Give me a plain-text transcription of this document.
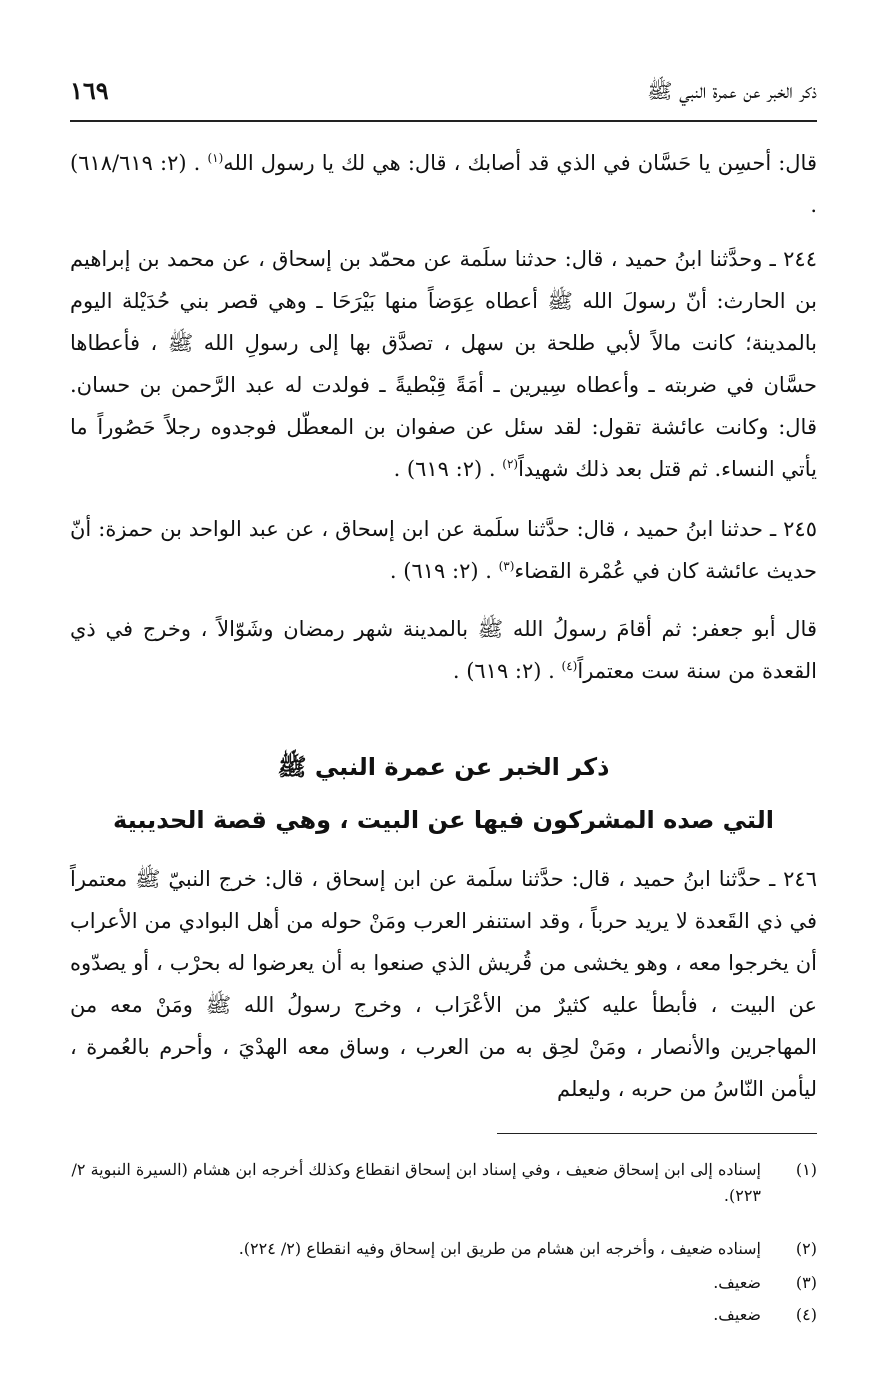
ذكر الخبر عن عمرة النبي ﷺ
١٦٩

قال: أحسِن يا حَسَّان في الذي قد أصابك ، قال: هي لك يا رسول الله$^{(١)}$ . (٢: ٦١٨/٦١٩) .

٢٤٤ ـ وحدَّثنا ابنُ حميد ، قال: حدثنا سلَمة عن محمّد بن إسحاق ، عن محمد بن إبراهيم بن الحارث: أنّ رسولَ الله ﷺ أعطاه عِوَضاً منها بَيْرَحَا ـ وهي قصر بني حُدَيْلة اليوم بالمدينة؛ كانت مالاً لأبي طلحة بن سهل ، تصدَّق بها إلى رسولِ الله ﷺ ، فأعطاها حسَّان في ضربته ـ وأعطاه سِيرين ـ أمَةً قِبْطيةً ـ فولدت له عبد الرَّحمن بن حسان. قال: وكانت عائشة تقول: لقد سئل عن صفوان بن المعطّل فوجدوه رجلاً حَصُوراً ما يأتي النساء. ثم قتل بعد ذلك شهيداً$^{(٢)}$ . (٢: ٦١٩) .

٢٤٥ ـ حدثنا ابنُ حميد ، قال: حدَّثنا سلَمة عن ابن إسحاق ، عن عبد الواحد بن حمزة: أنّ حديث عائشة كان في عُمْرة القضاء$^{(٣)}$ . (٢: ٦١٩) .

قال أبو جعفر: ثم أقامَ رسولُ الله ﷺ بالمدينة شهر رمضان وشَوّالاً ، وخرج في ذي القعدة من سنة ست معتمراً$^{(٤)}$ . (٢: ٦١٩) .

ذكر الخبر عن عمرة النبي ﷺ
التي صده المشركون فيها عن البيت ، وهي قصة الحديبية

٢٤٦ ـ حدَّثنا ابنُ حميد ، قال: حدَّثنا سلَمة عن ابن إسحاق ، قال: خرج النبيّ ﷺ معتمراً في ذي القَعدة لا يريد حرباً ، وقد استنفر العرب ومَنْ حوله من أهل البوادي من الأعراب أن يخرجوا معه ، وهو يخشى من قُريش الذي صنعوا به أن يعرضوا له بحرْب ، أو يصدّوه عن البيت ، فأبطأ عليه كثيرٌ من الأعْرَاب ، وخرج رسولُ الله ﷺ ومَنْ معه من المهاجرين والأنصار ، ومَنْ لحِق به من العرب ، وساق معه الهدْيَ ، وأحرم بالعُمرة ، ليأمن النّاسُ من حربه ، وليعلم

(١)
إسناده إلى ابن إسحاق ضعيف ، وفي إسناد ابن إسحاق انقطاع وكذلك أخرجه ابن هشام (السيرة النبوية ٢/ ٢٢٣).
(٢)
إسناده ضعيف ، وأخرجه ابن هشام من طريق ابن إسحاق وفيه انقطاع (٢/ ٢٢٤).
(٣)
ضعيف.
(٤)
ضعيف.
